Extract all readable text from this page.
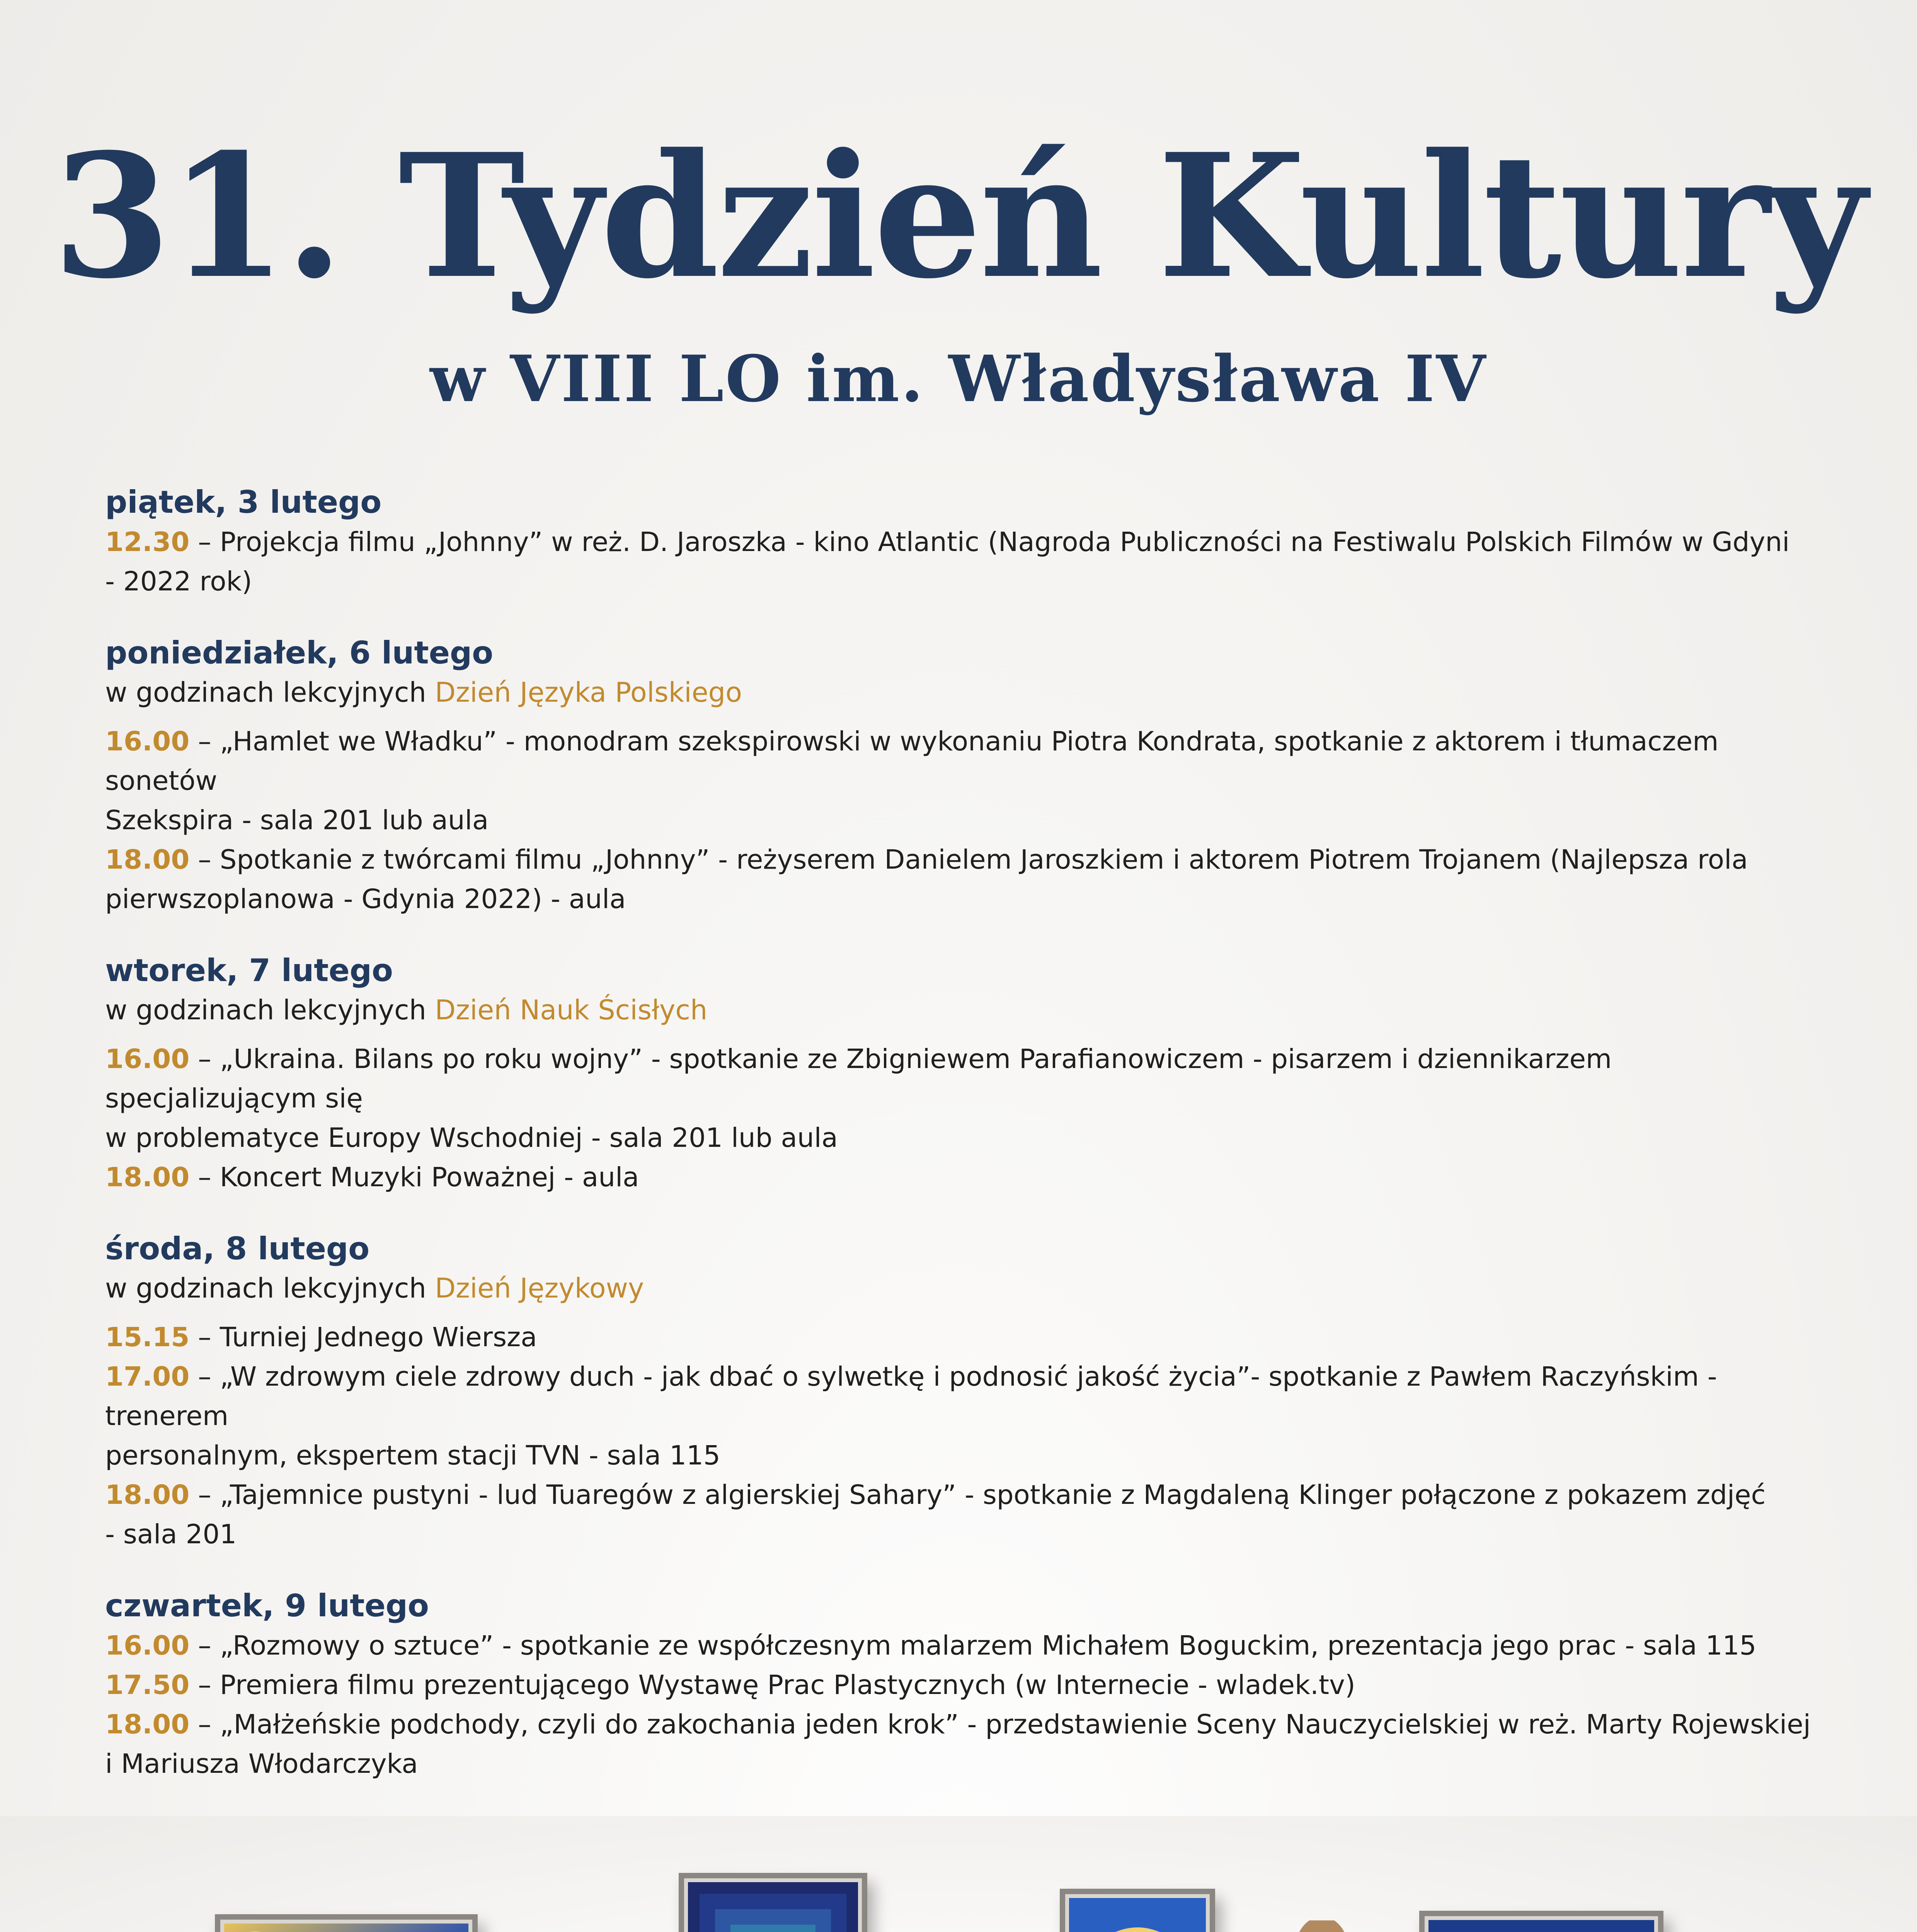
31. Tydzień Kultury
w VIII LO im. Władysława IV
piątek, 3 lutego
12.30 – Projekcja filmu „Johnny” w reż. D. Jaroszka - kino Atlantic (Nagroda Publiczności na Festiwalu Polskich Filmów w Gdyni
- 2022 rok)
poniedziałek, 6 lutego
w godzinach lekcyjnych Dzień Języka Polskiego
16.00 – „Hamlet we Władku” - monodram szekspirowski w wykonaniu Piotra Kondrata, spotkanie z aktorem i tłumaczem sonetów
Szekspira - sala 201 lub aula
18.00 – Spotkanie z twórcami filmu „Johnny” - reżyserem Danielem Jaroszkiem i aktorem Piotrem Trojanem (Najlepsza rola
pierwszoplanowa - Gdynia 2022) - aula
wtorek, 7 lutego
w godzinach lekcyjnych Dzień Nauk Ścisłych
16.00 – „Ukraina. Bilans po roku wojny” - spotkanie ze Zbigniewem Parafianowiczem - pisarzem i dziennikarzem specjalizującym się
w problematyce Europy Wschodniej - sala 201 lub aula
18.00 – Koncert Muzyki Poważnej - aula
środa, 8 lutego
w godzinach lekcyjnych Dzień Językowy
15.15 – Turniej Jednego Wiersza
17.00 – „W zdrowym ciele zdrowy duch - jak dbać o sylwetkę i podnosić jakość życia”- spotkanie z Pawłem Raczyńskim - trenerem
personalnym, ekspertem stacji TVN - sala 115
18.00 – „Tajemnice pustyni - lud Tuaregów z algierskiej Sahary” - spotkanie z Magdaleną Klinger połączone z pokazem zdjęć
- sala 201
czwartek, 9 lutego
16.00 – „Rozmowy o sztuce” - spotkanie ze współczesnym malarzem Michałem Boguckim, prezentacja jego prac - sala 115
17.50 – Premiera filmu prezentującego Wystawę Prac Plastycznych (w Internecie - wladek.tv)
18.00 – „Małżeńskie podchody, czyli do zakochania jeden krok” - przedstawienie Sceny Nauczycielskiej w reż. Marty Rojewskiej
i Mariusza Włodarczyka
